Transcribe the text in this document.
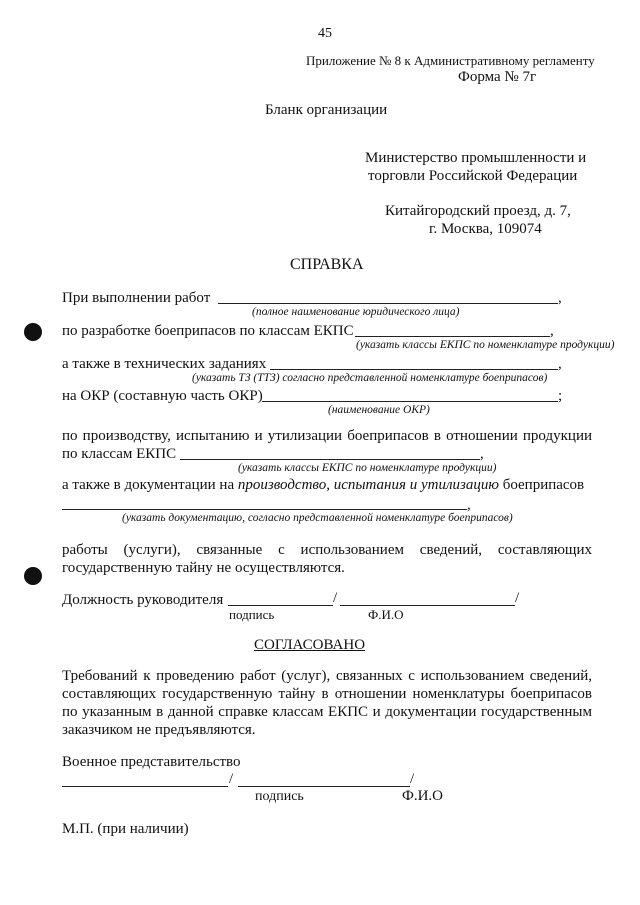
45
Приложение № 8 к Административному регламенту
Форма № 7г
Бланк организации
Министерство промышленности и
торговли Российской Федерации
Китайгородский проезд, д. 7,
г. Москва, 109074
СПРАВКА
При выполнении работ	,
(полное наименование юридического лица)
по разработке боеприпасов по классам ЕКПС	,
(указать классы ЕКПС по номенклатуре продукции)
а также в технических заданиях	,
(указать ТЗ (ТТЗ) согласно представленной номенклатуре боеприпасов)
на ОКР (составную часть ОКР)	;
(наименование ОКР)
по производству, испытанию и утилизации боеприпасов в отношении продукции
по классам ЕКПС	,
(указать классы ЕКПС по номенклатуре продукции)
а также в документации на производство, испытания и утилизацию боеприпасов
,
(указать документацию, согласно представленной номенклатуре боеприпасов)
работы (услуги), связанные с использованием сведений, составляющих
государственную тайну не осуществляются.
Должность руководителя	/	/
подпись	Ф.И.О
СОГЛАСОВАНО
Требований к проведению работ (услуг), связанных с использованием сведений,
составляющих государственную тайну в отношении номенклатуры боеприпасов
по указанным в данной справке классам ЕКПС и документации государственным
заказчиком не предъявляются.
Военное представительство
/	/
подпись	Ф.И.О
М.П. (при наличии)
